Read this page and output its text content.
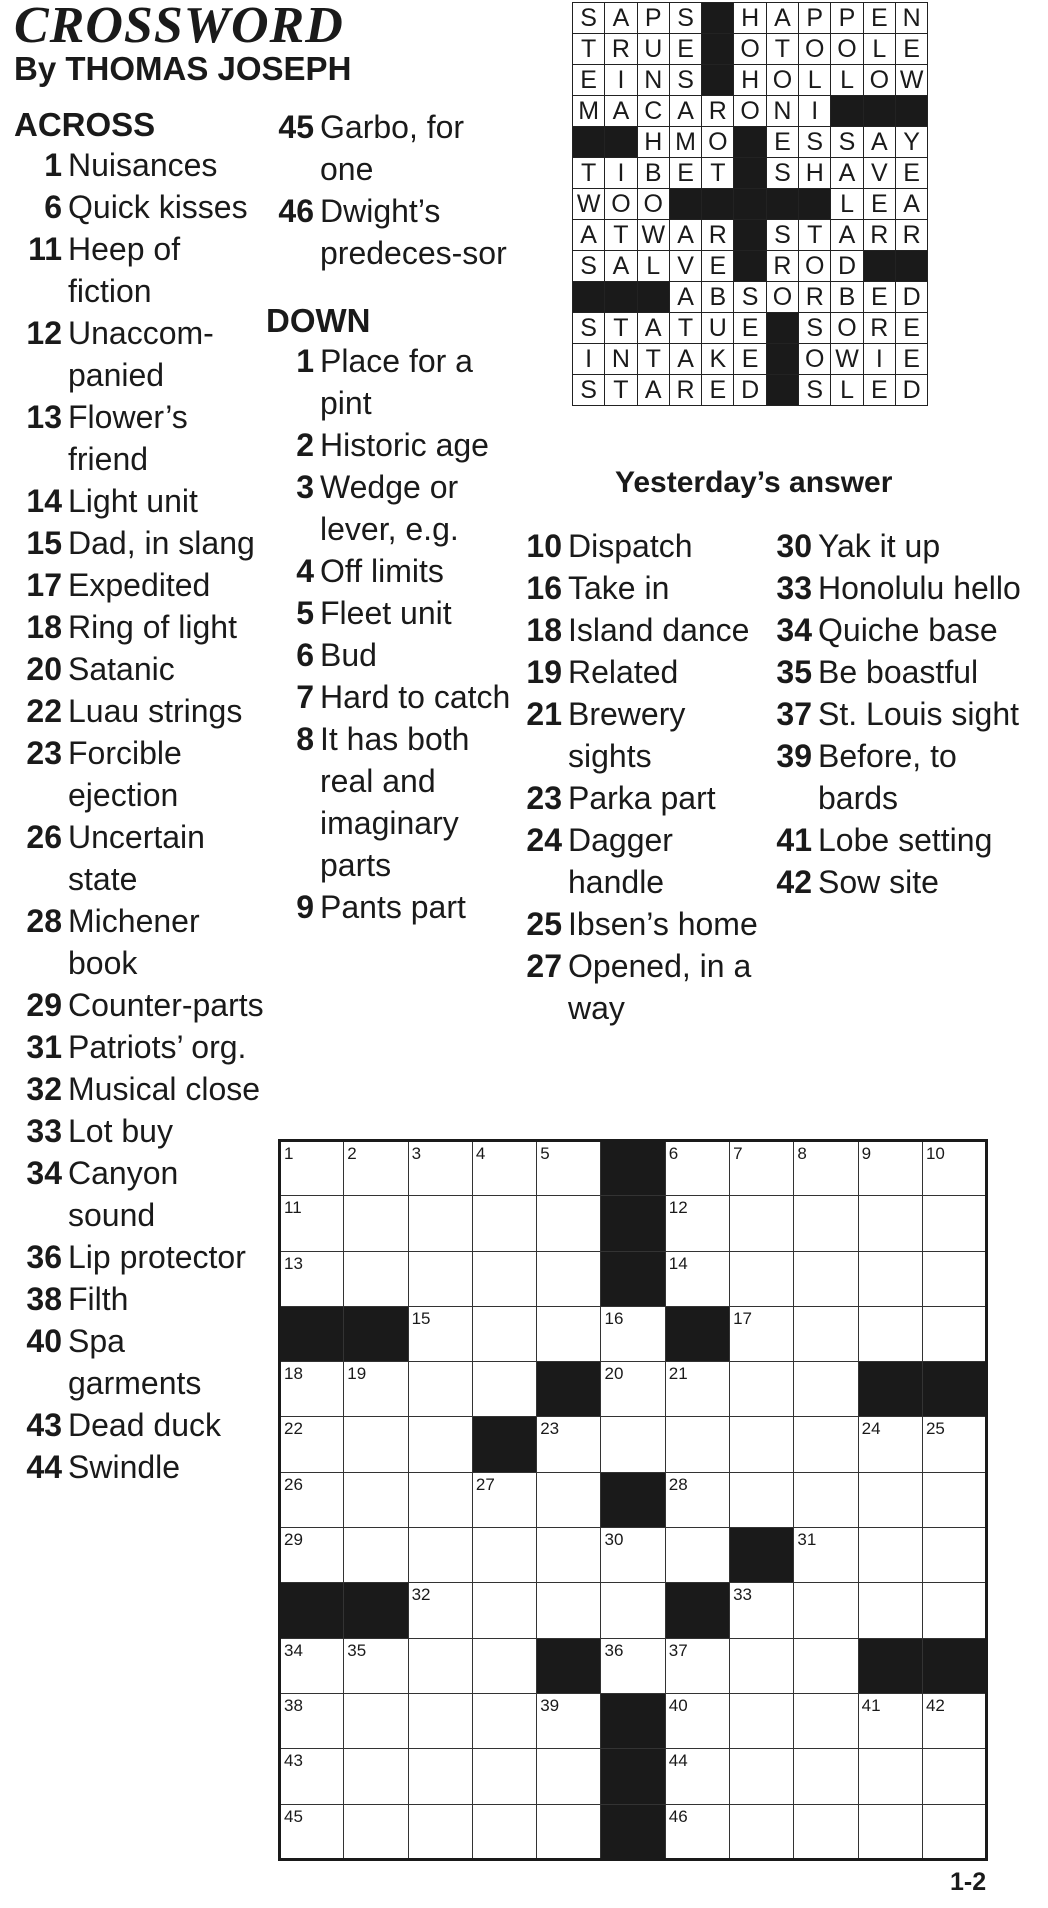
CROSSWORD
By THOMAS JOSEPH
ACROSS
1 Nuisances
6 Quick kisses
11 Heep of fiction
12 Unaccom-panied
13 Flower’s friend
14 Light unit
15 Dad, in slang
17 Expedited
18 Ring of light
20 Satanic
22 Luau strings
23 Forcible ejection
26 Uncertain state
28 Michener book
29 Counter-parts
31 Patriots’ org.
32 Musical close
33 Lot buy
34 Canyon sound
36 Lip protector
38 Filth
40 Spa garments
43 Dead duck
44 Swindle
45 Garbo, for one
46 Dwight’s predeces-sor
DOWN
1 Place for a pint
2 Historic age
3 Wedge or lever, e.g.
4 Off limits
5 Fleet unit
6 Bud
7 Hard to catch
8 It has both real and imaginary parts
9 Pants part
10 Dispatch
16 Take in
18 Island dance
19 Related
21 Brewery sights
23 Parka part
24 Dagger handle
25 Ibsen’s home
27 Opened, in a way
30 Yak it up
33 Honolulu hello
34 Quiche base
35 Be boastful
37 St. Louis sight
39 Before, to bards
41 Lobe setting
42 Sow site
S	A	P	S		H	A	P	P	E	N
T	R	U	E		O	T	O	O	L	E
E	I	N	S		H	O	L	L	O	W
M	A	C	A	R	O	N	I			
		H	M	O		E	S	S	A	Y
T	I	B	E	T		S	H	A	V	E
W	O	O						L	E	A
A	T	W	A	R		S	T	A	R	R
S	A	L	V	E		R	O	D		
			A	B	S	O	R	B	E	D
S	T	A	T	U	E		S	O	R	E
I	N	T	A	K	E		O	W	I	E
S	T	A	R	E	D		S	L	E	D
Yesterday’s answer
1	2	3	4	5		6	7	8	9	10

11						12				

13						14				

		15			16		17			

18	19				20	21				

22				23					24	25

26			27			28				

29					30			31		

		32					33			

34	35				36	37				

38				39		40			41	42

43						44				

45						46				

1-2
